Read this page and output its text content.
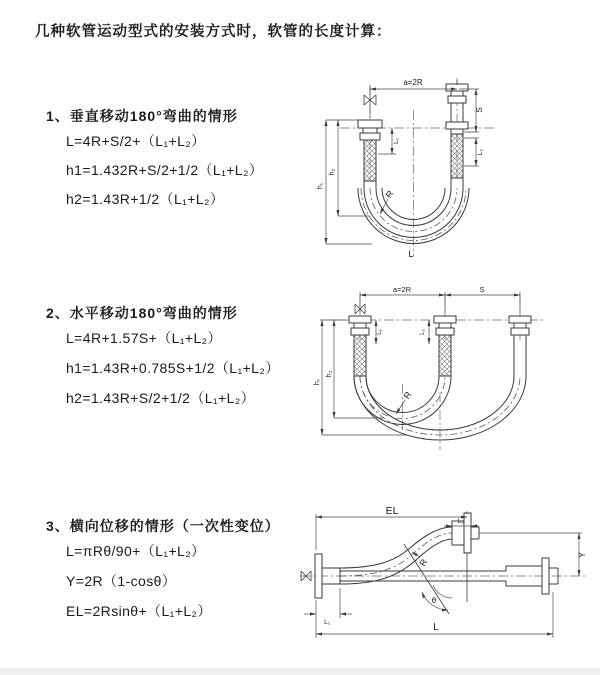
几种软管运动型式的安装方式时，软管的长度计算：
1、垂直移动180°弯曲的情形
L=4R+S/2+（L₁+L₂）
h1=1.432R+S/2+1/2（L₁+L₂）
h2=1.43R+1/2（L₁+L₂）
a=2R
S
L₂
L₁
h₁
h₂
R
L
2、水平移动180°弯曲的情形
L=4R+1.57S+（L₁+L₂）
h1=1.43R+0.785S+1/2（L₁+L₂）
h2=1.43R+S/2+1/2（L₁+L₂）
a=2R	S
L₁	L₂
h₁
h₂
R
3、横向位移的情形（一次性变位）
L=πRθ/90+（L₁+L₂）
Y=2R（1-cosθ）
EL=2Rsinθ+（L₁+L₂）
EL
L₂
Y
R
θ
L
L₁
